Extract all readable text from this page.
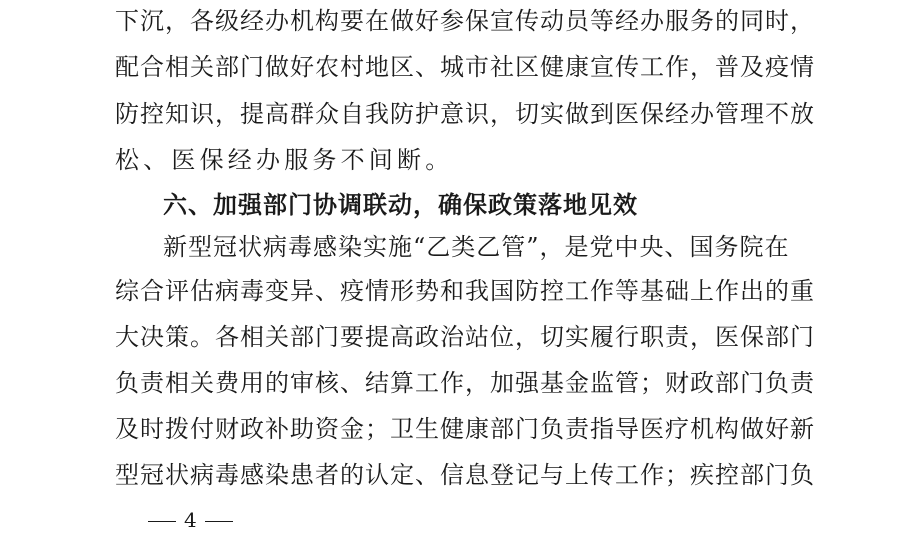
下沉，各级经办机构要在做好参保宣传动员等经办服务的同时，
配合相关部门做好农村地区、城市社区健康宣传工作，普及疫情
防控知识，提高群众自我防护意识，切实做到医保经办管理不放
松、医保经办服务不间断。
六、加强部门协调联动，确保政策落地见效
新型冠状病毒感染实施“乙类乙管”，是党中央、国务院在
综合评估病毒变异、疫情形势和我国防控工作等基础上作出的重
大决策。各相关部门要提高政治站位，切实履行职责，医保部门
负责相关费用的审核、结算工作，加强基金监管；财政部门负责
及时拨付财政补助资金；卫生健康部门负责指导医疗机构做好新
型冠状病毒感染患者的认定、信息登记与上传工作；疾控部门负
4
